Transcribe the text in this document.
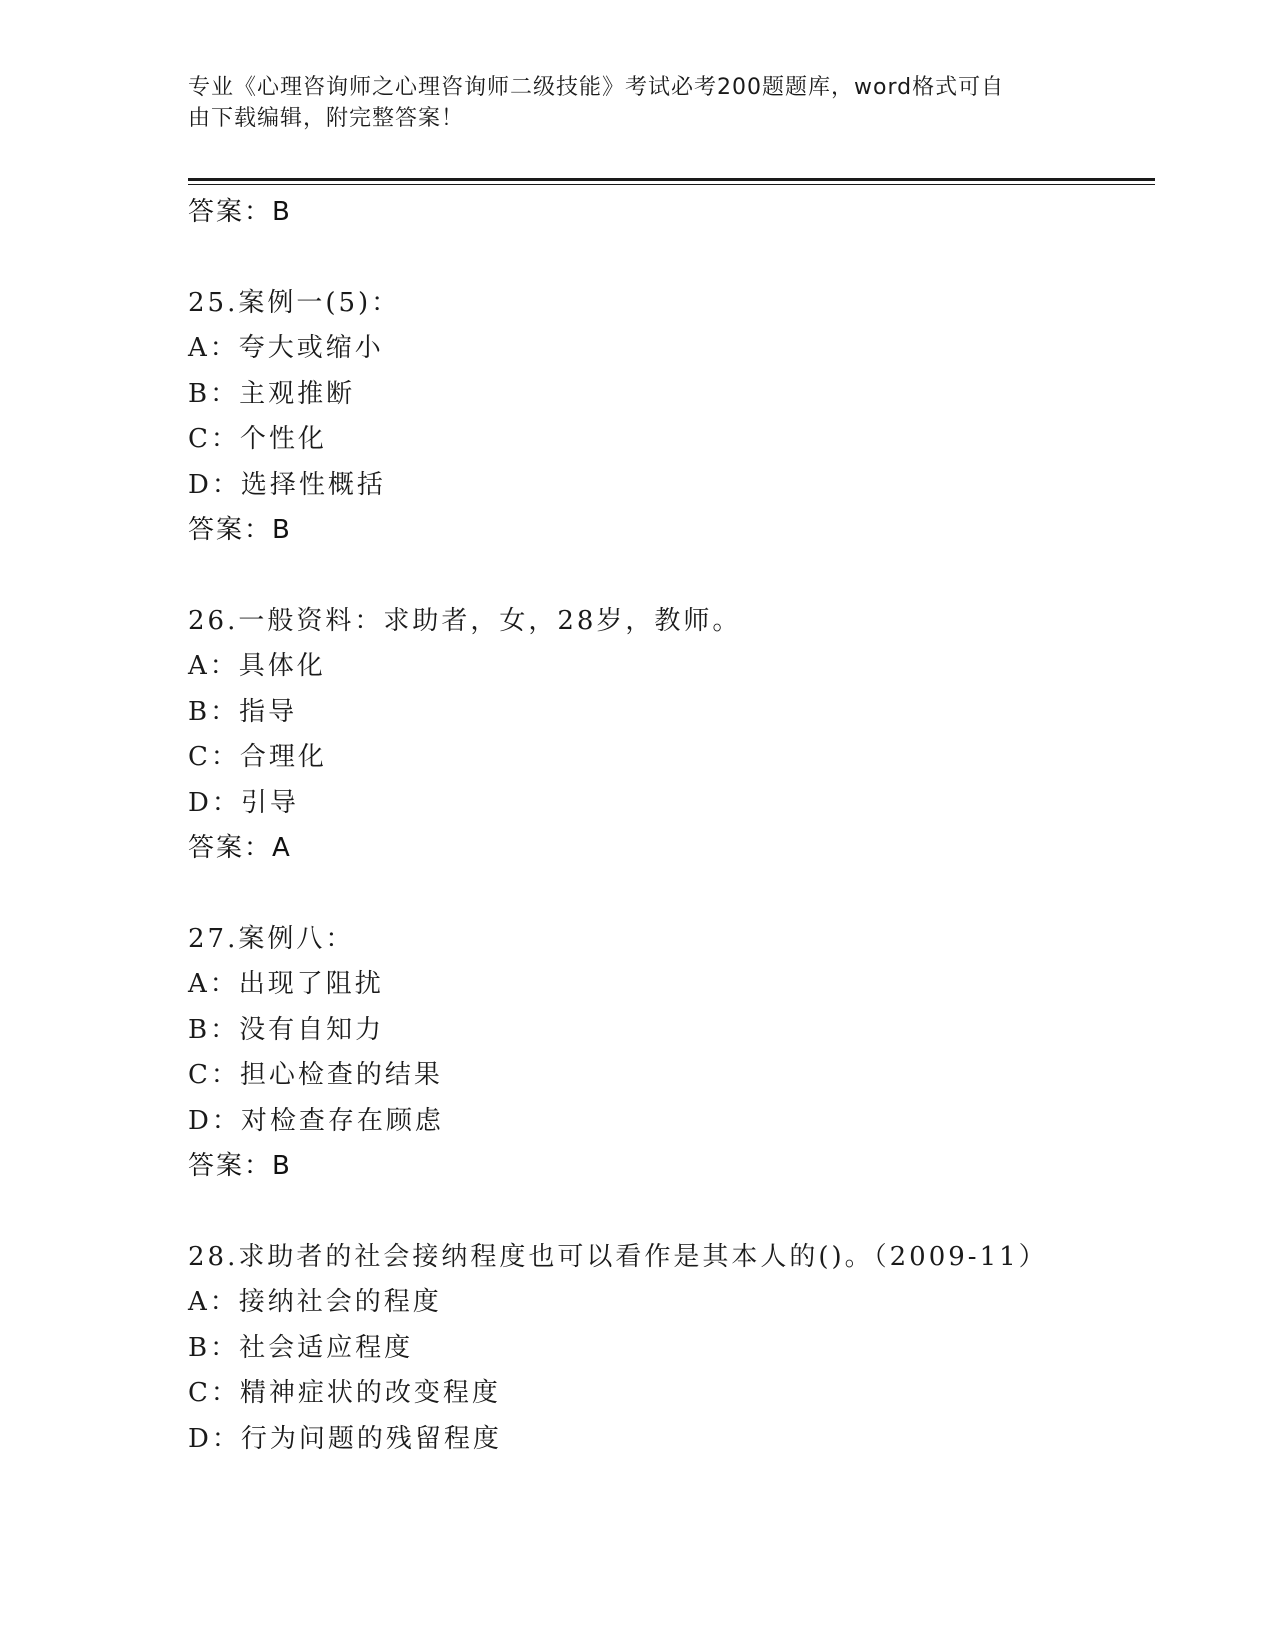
专业《心理咨询师之心理咨询师二级技能》考试必考200题题库，word格式可自
由下载编辑，附完整答案！
答案：B
25.案例一(5)：
A：夸大或缩小
B：主观推断
C：个性化
D：选择性概括
答案：B
26.一般资料：求助者，女，28岁，教师。
A：具体化
B：指导
C：合理化
D：引导
答案：A
27.案例八：
A：出现了阻扰
B：没有自知力
C：担心检查的结果
D：对检查存在顾虑
答案：B
28.求助者的社会接纳程度也可以看作是其本人的()。（2009-11）
A：接纳社会的程度
B：社会适应程度
C：精神症状的改变程度
D：行为问题的残留程度
